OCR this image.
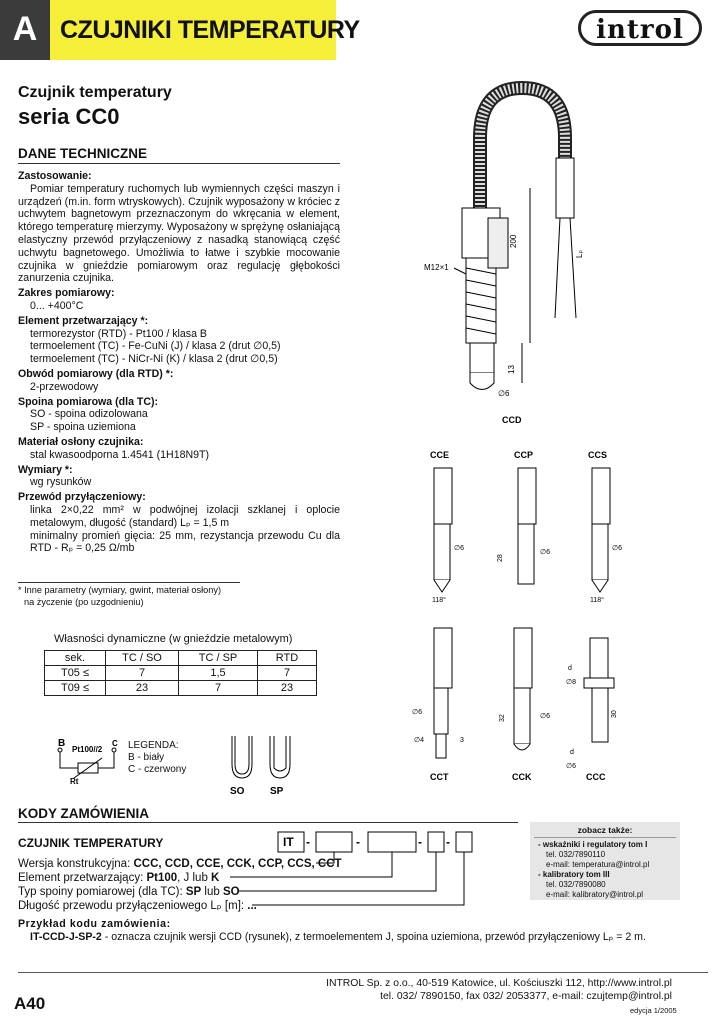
A CZUJNIKI TEMPERATURY	introl
Czujnik temperatury
seria CC0
DANE TECHNICZNE
Zastosowanie:
Pomiar temperatury ruchomych lub wymiennych części maszyn i urządzeń (m.in. form wtryskowych). Czujnik wyposażony w króciec z uchwytem bagnetowym przeznaczonym do wkręcania w element, którego temperaturę mierzymy. Wyposażony w sprężynę osłaniającą elastyczny przewód przyłączeniowy z nasadką stanowiącą część uchwytu bagnetowego. Umożliwia to łatwe i szybkie mocowanie czujnika w gnieździe pomiarowym oraz regulację głębokości zanurzenia czujnika.
Zakres pomiarowy:
0... +400°C
Element przetwarzający *:
termorezystor (RTD) - Pt100 / klasa B
termoelement (TC) - Fe-CuNi (J) / klasa 2 (drut ∅0,5)
termoelement (TC) - NiCr-Ni (K) / klasa 2 (drut ∅0,5)
Obwód pomiarowy (dla RTD) *:
2-przewodowy
Spoina pomiarowa (dla TC):
SO - spoina odizolowana
SP - spoina uziemiona
Materiał osłony czujnika:
stal kwasoodporna 1.4541 (1H18N9T)
Wymiary *:
wg rysunków
Przewód przyłączeniowy:
linka 2×0,22 mm² w podwójnej izolacji szklanej i oplocie metalowym, długość (standard) Lₚ = 1,5 m
minimalny promień gięcia: 25 mm, rezystancja przewodu Cu dla RTD - Rₚ = 0,25 Ω/mb
* Inne parametry (wymiary, gwint, materiał osłony)
na życzenie (po uzgodnieniu)
Własności dynamiczne (w gnieździe metalowym)
sek.	TC / SO	TC / SP	RTD
T05 ≤	7	1,5	7
T09 ≤	23	7	23
B	C
Pt100//2
Rt
SO	SP
LEGENDA:
B - biały
C - czerwony
200
13
Lₚ
M12×1
∅6
CCD
CCE	CCP	CCS
∅6
∅6
∅6
28
118°	118°
∅6
∅4	3
32	∅6
d
∅8
30
d
∅6
CCT	CCK	CCC
KODY ZAMÓWIENIA
CZUJNIK TEMPERATURY	IT -	-	- -
Wersja konstrukcyjna: CCC, CCD, CCE, CCK, CCP, CCS, CCT
Element przetwarzający: Pt100, J lub K
Typ spoiny pomiarowej (dla TC): SP lub SO
Długość przewodu przyłączeniowego Lₚ [m]: ...
zobacz także:
- wskaźniki i regulatory tom I
tel. 032/7890110
e-mail: temperatura@introl.pl
- kalibratory tom III
tel. 032/7890080
e-mail: kalibratory@introl.pl
Przykład kodu zamówienia:
IT-CCD-J-SP-2 - oznacza czujnik wersji CCD (rysunek), z termoelementem J, spoina uziemiona, przewód przyłączeniowy Lₚ = 2 m.
INTROL Sp. z o.o., 40-519 Katowice, ul. Kościuszki 112, http://www.introl.pl
tel. 032/ 7890150, fax 032/ 2053377, e-mail: czujtemp@introl.pl
A40	edycja 1/2005
